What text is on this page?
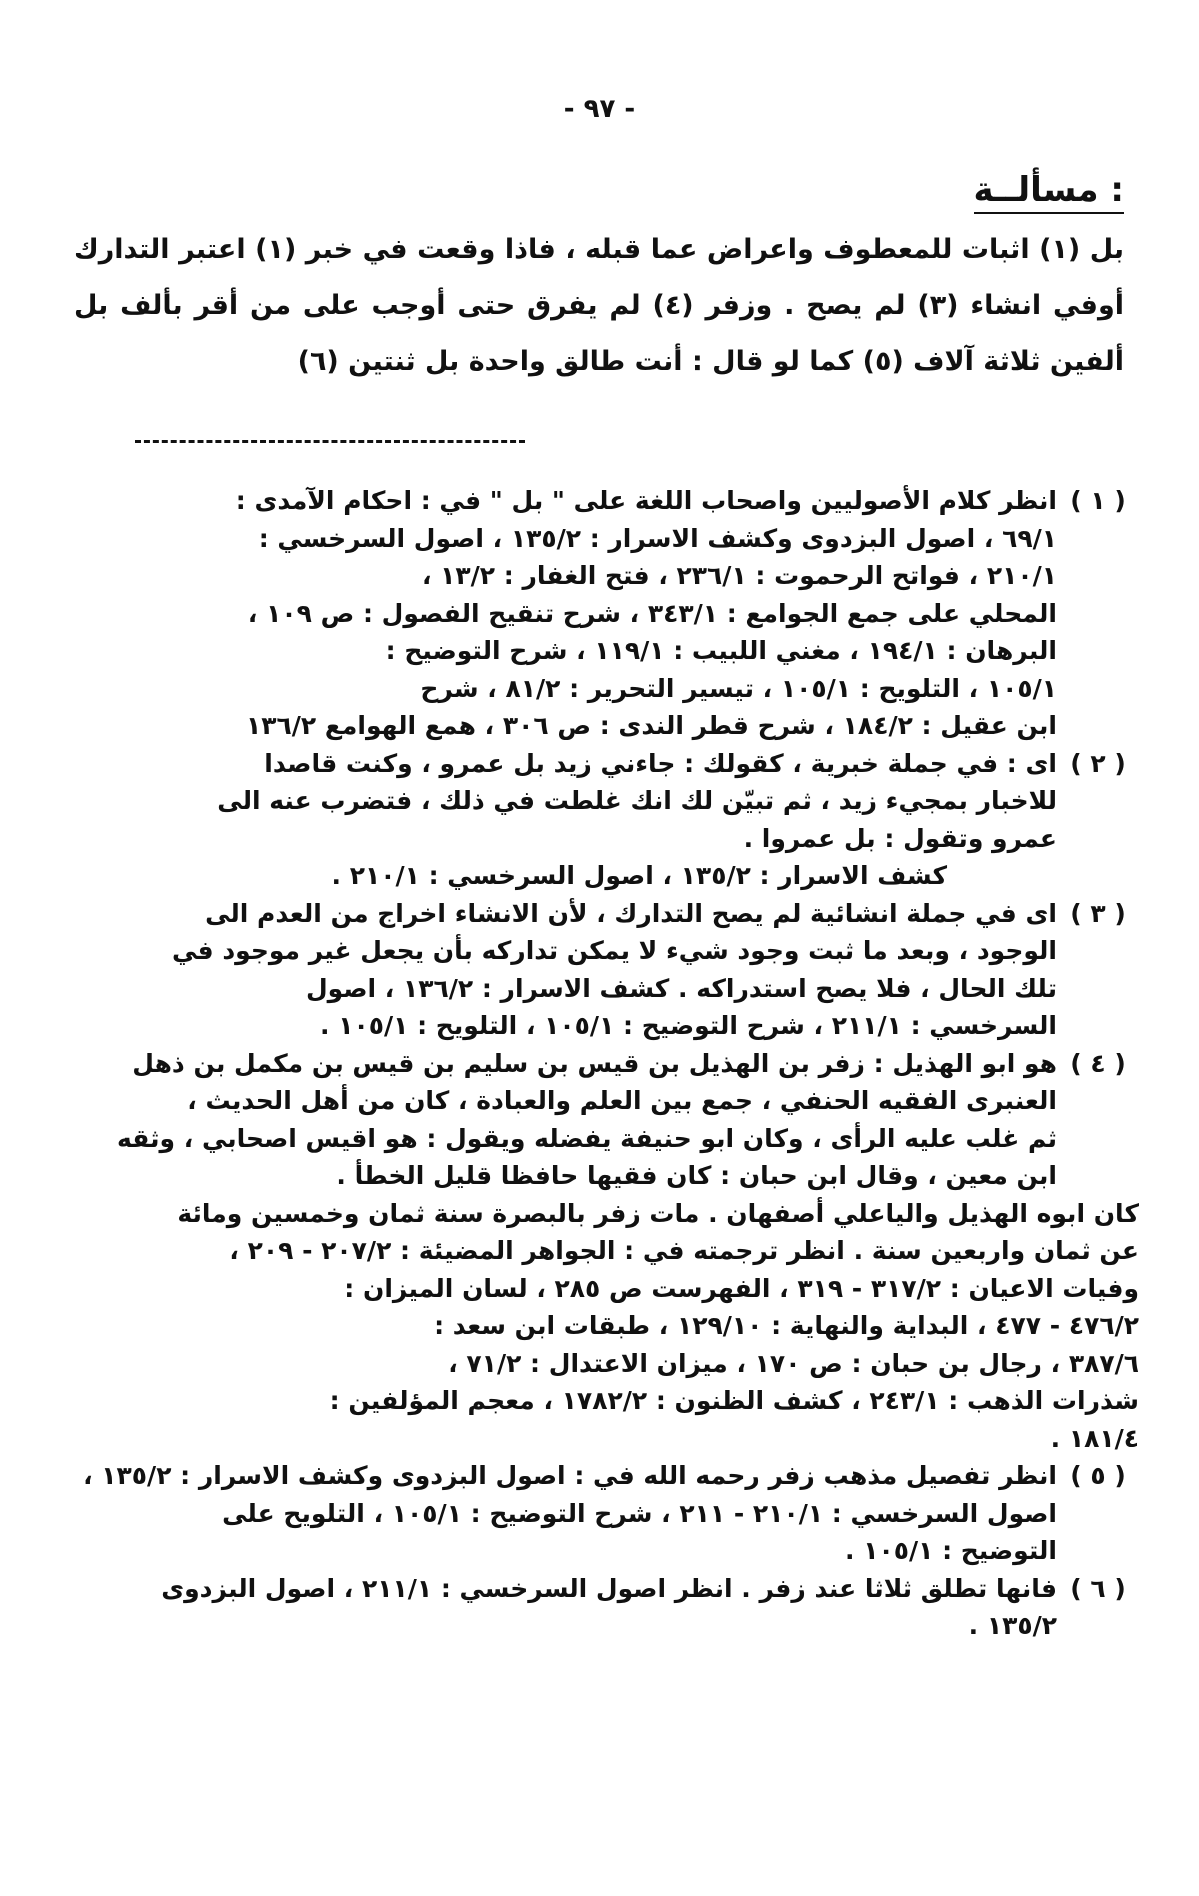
- ٩٧ -
مسألــة :

بل (١) اثبات للمعطوف واعراض عما قبله ، فاذا وقعت في خبر (١) اعتبر التدارك أوفي انشاء (٣) لم يصح . وزفر (٤) لم يفرق حتى أوجب على من أقر بألف بل ألفين ثلاثة آلاف (٥) كما لو قال : أنت طالق واحدة بل ثنتين (٦)

( ١ )
انظر كلام الأصوليين واصحاب اللغة على " بل " في : احكام الآمدى :
٦٩/١ ، اصول البزدوى وكشف الاسرار : ١٣٥/٢ ، اصول السرخسي :
٢١٠/١ ، فواتح الرحموت : ٢٣٦/١ ، فتح الغفار : ١٣/٢ ،
المحلي على جمع الجوامع : ٣٤٣/١ ، شرح تنقيح الفصول : ص ١٠٩ ،
البرهان : ١٩٤/١ ، مغني اللبيب : ١١٩/١ ، شرح التوضيح :
١٠٥/١ ، التلويح : ١٠٥/١ ، تيسير التحرير : ٨١/٢ ، شرح
ابن عقيل : ١٨٤/٢ ، شرح قطر الندى : ص ٣٠٦ ، همع الهوامع ١٣٦/٢
( ٢ )
اى : في جملة خبرية ، كقولك : جاءني زيد بل عمرو ، وكنت قاصدا
للاخبار بمجيء زيد ، ثم تبيّن لك انك غلطت في ذلك ، فتضرب عنه الى
عمرو وتقول : بل عمروا .
كشف الاسرار : ١٣٥/٢ ، اصول السرخسي : ٢١٠/١ .
( ٣ )
اى في جملة انشائية لم يصح التدارك ، لأن الانشاء اخراج من العدم الى
الوجود ، وبعد ما ثبت وجود شيء لا يمكن تداركه بأن يجعل غير موجود في
تلك الحال ، فلا يصح استدراكه . كشف الاسرار : ١٣٦/٢ ، اصول
السرخسي : ٢١١/١ ، شرح التوضيح : ١٠٥/١ ، التلويح : ١٠٥/١ .
( ٤ )
هو ابو الهذيل : زفر بن الهذيل بن قيس بن سليم بن قيس بن مكمل بن ذهل
العنبرى الفقيه الحنفي ، جمع بين العلم والعبادة ، كان من أهل الحديث ،
ثم غلب عليه الرأى ، وكان ابو حنيفة يفضله ويقول : هو اقيس اصحابي ، وثقه
ابن معين ، وقال ابن حبان : كان فقيها حافظا قليل الخطأ .
كان ابوه الهذيل والياعلي أصفهان . مات زفر بالبصرة سنة ثمان وخمسين ومائة
عن ثمان واربعين سنة . انظر ترجمته في : الجواهر المضيئة : ٢٠٧/٢ - ٢٠٩ ،
وفيات الاعيان : ٣١٧/٢ - ٣١٩ ، الفهرست ص ٢٨٥ ، لسان الميزان :
٤٧٦/٢ - ٤٧٧ ، البداية والنهاية : ١٢٩/١٠ ، طبقات ابن سعد :
٣٨٧/٦ ، رجال بن حبان : ص ١٧٠ ، ميزان الاعتدال : ٧١/٢ ،
شذرات الذهب : ٢٤٣/١ ، كشف الظنون : ١٧٨٢/٢ ، معجم المؤلفين :
١٨١/٤ .
( ٥ )
انظر تفصيل مذهب زفر رحمه الله في : اصول البزدوى وكشف الاسرار : ١٣٥/٢ ،
اصول السرخسي : ٢١٠/١ - ٢١١ ، شرح التوضيح : ١٠٥/١ ، التلويح على
التوضيح : ١٠٥/١ .
( ٦ )
فانها تطلق ثلاثا عند زفر . انظر اصول السرخسي : ٢١١/١ ، اصول البزدوى
١٣٥/٢ .
